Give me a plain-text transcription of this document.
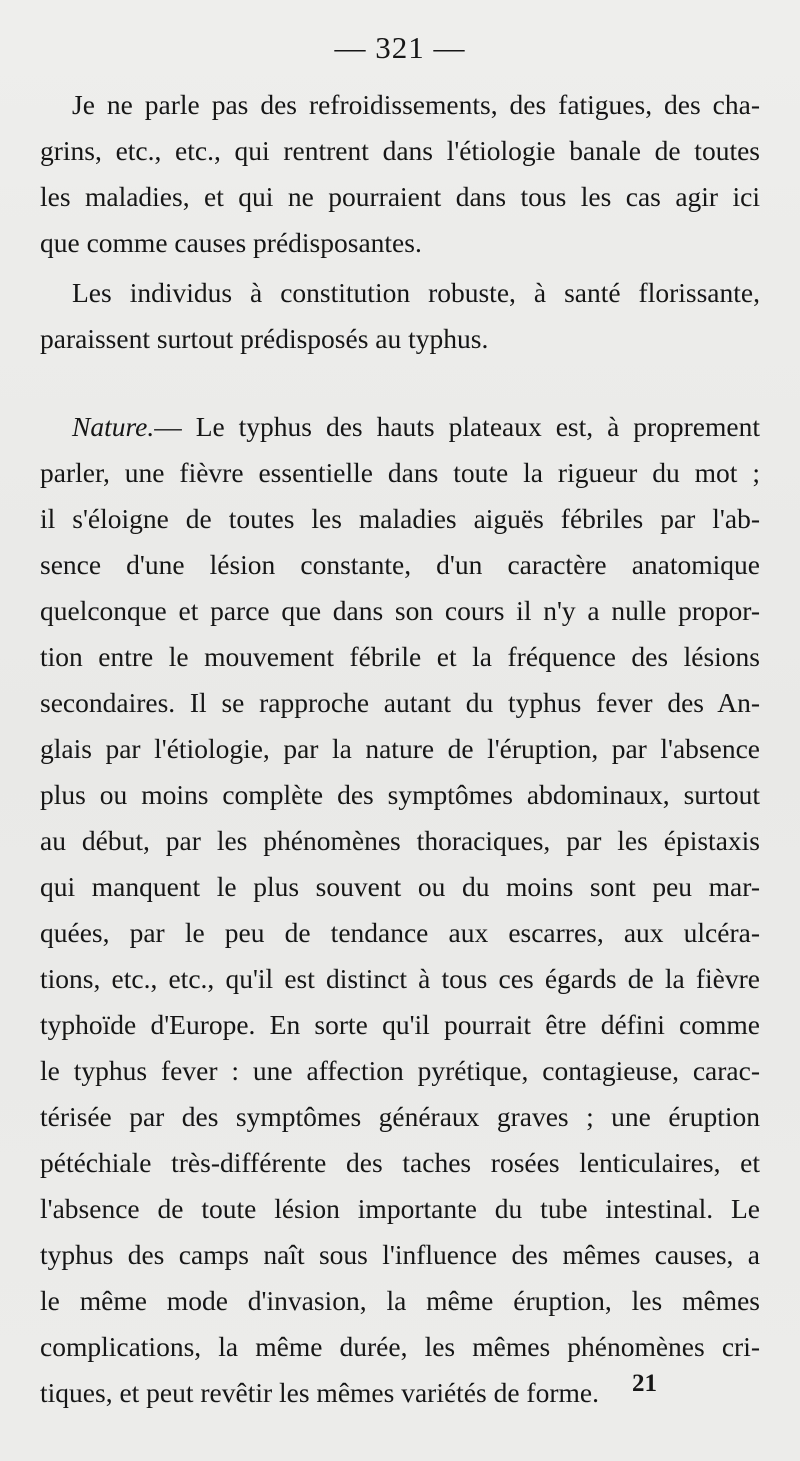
— 321 —
Je ne parle pas des refroidissements, des fatigues, des cha-
grins, etc., etc., qui rentrent dans l'étiologie banale de toutes
les maladies, et qui ne pourraient dans tous les cas agir ici
que comme causes prédisposantes.
Les individus à constitution robuste, à santé florissante,
paraissent surtout prédisposés au typhus.
Nature.— Le typhus des hauts plateaux est, à proprement
parler, une fièvre essentielle dans toute la rigueur du mot ;
il s'éloigne de toutes les maladies aiguës fébriles par l'ab-
sence d'une lésion constante, d'un caractère anatomique
quelconque et parce que dans son cours il n'y a nulle propor-
tion entre le mouvement fébrile et la fréquence des lésions
secondaires. Il se rapproche autant du typhus fever des An-
glais par l'étiologie, par la nature de l'éruption, par l'absence
plus ou moins complète des symptômes abdominaux, surtout
au début, par les phénomènes thoraciques, par les épistaxis
qui manquent le plus souvent ou du moins sont peu mar-
quées, par le peu de tendance aux escarres, aux ulcéra-
tions, etc., etc., qu'il est distinct à tous ces égards de la fièvre
typhoïde d'Europe. En sorte qu'il pourrait être défini comme
le typhus fever : une affection pyrétique, contagieuse, carac-
térisée par des symptômes généraux graves ; une éruption
pétéchiale très-différente des taches rosées lenticulaires, et
l'absence de toute lésion importante du tube intestinal. Le
typhus des camps naît sous l'influence des mêmes causes, a
le même mode d'invasion, la même éruption, les mêmes
complications, la même durée, les mêmes phénomènes cri-
tiques, et peut revêtir les mêmes variétés de forme.	21
